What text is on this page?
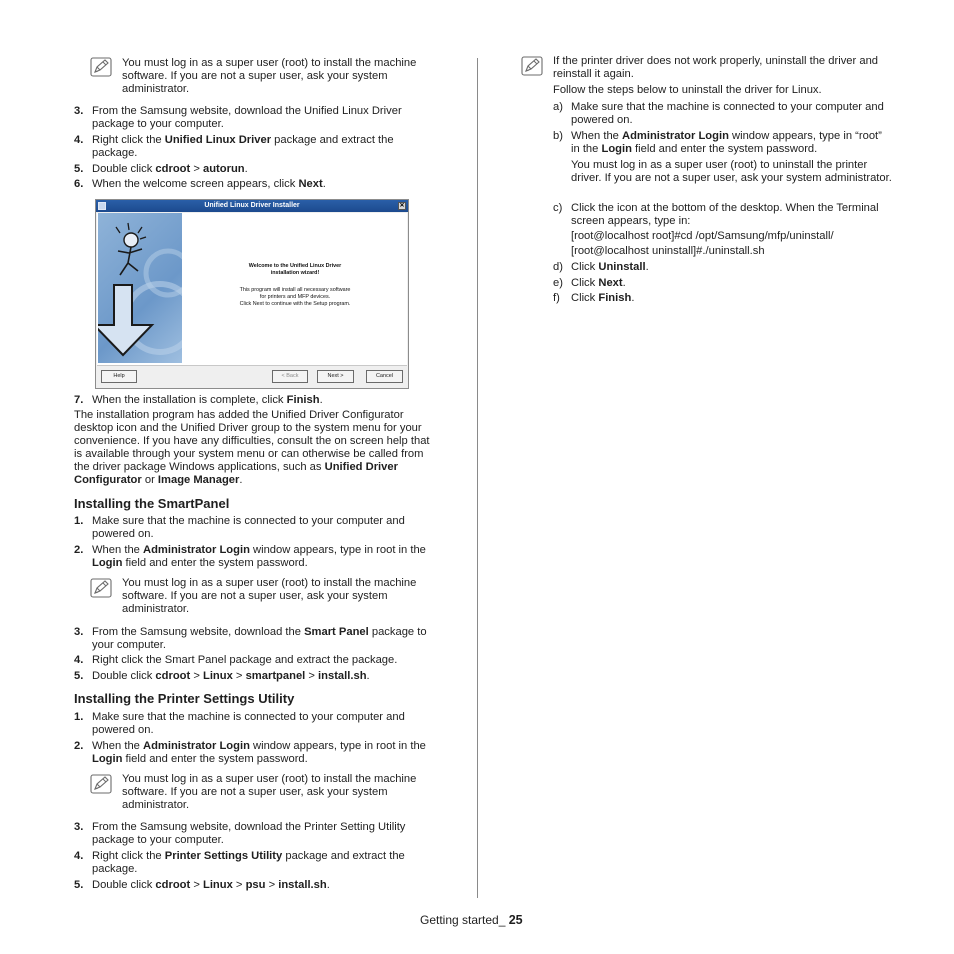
You must log in as a super user (root) to install the machine software. If you are not a super user, ask your system administrator.
3. From the Samsung website, download the Unified Linux Driver package to your computer.
4. Right click the Unified Linux Driver package and extract the package.
5. Double click cdroot > autorun.
6. When the welcome screen appears, click Next.
Unified Linux Driver Installer	✕
Welcome to the Unified Linux Driver installation wizard!
This program will install all necessary software
for printers and MFP devices.
Click Next to continue with the Setup program.
Help	< Back	Next >	Cancel
7. When the installation is complete, click Finish.
The installation program has added the Unified Driver Configurator
desktop icon and the Unified Driver group to the system menu for your
convenience. If you have any difficulties, consult the on screen help that
is available through your system menu or can otherwise be called from
the driver package Windows applications, such as Unified Driver
Configurator or Image Manager.
Installing the SmartPanel
1. Make sure that the machine is connected to your computer and powered on.
2. When the Administrator Login window appears, type in root in the
Login field and enter the system password.
You must log in as a super user (root) to install the machine software. If you are not a super user, ask your system administrator.
3. From the Samsung website, download the Smart Panel package to your computer.
4. Right click the Smart Panel package and extract the package.
5. Double click cdroot > Linux > smartpanel > install.sh.
Installing the Printer Settings Utility
1. Make sure that the machine is connected to your computer and powered on.
2. When the Administrator Login window appears, type in root in the
Login field and enter the system password.
You must log in as a super user (root) to install the machine software. If you are not a super user, ask your system administrator.
3. From the Samsung website, download the Printer Setting Utility package to your computer.
4. Right click the Printer Settings Utility package and extract the package.
5. Double click cdroot > Linux > psu > install.sh.
If the printer driver does not work properly, uninstall the driver and reinstall it again.
Follow the steps below to uninstall the driver for Linux.
a) Make sure that the machine is connected to your computer and powered on.
b) When the Administrator Login window appears, type in “root”
in the Login field and enter the system password.
You must log in as a super user (root) to uninstall the printer driver. If you are not a super user, ask your system administrator.
c) Click the icon at the bottom of the desktop. When the Terminal screen appears, type in:
[root@localhost root]#cd /opt/Samsung/mfp/uninstall/
[root@localhost uninstall]#./uninstall.sh
d) Click Uninstall.
e) Click Next.
f) Click Finish.
Getting started_ 25
